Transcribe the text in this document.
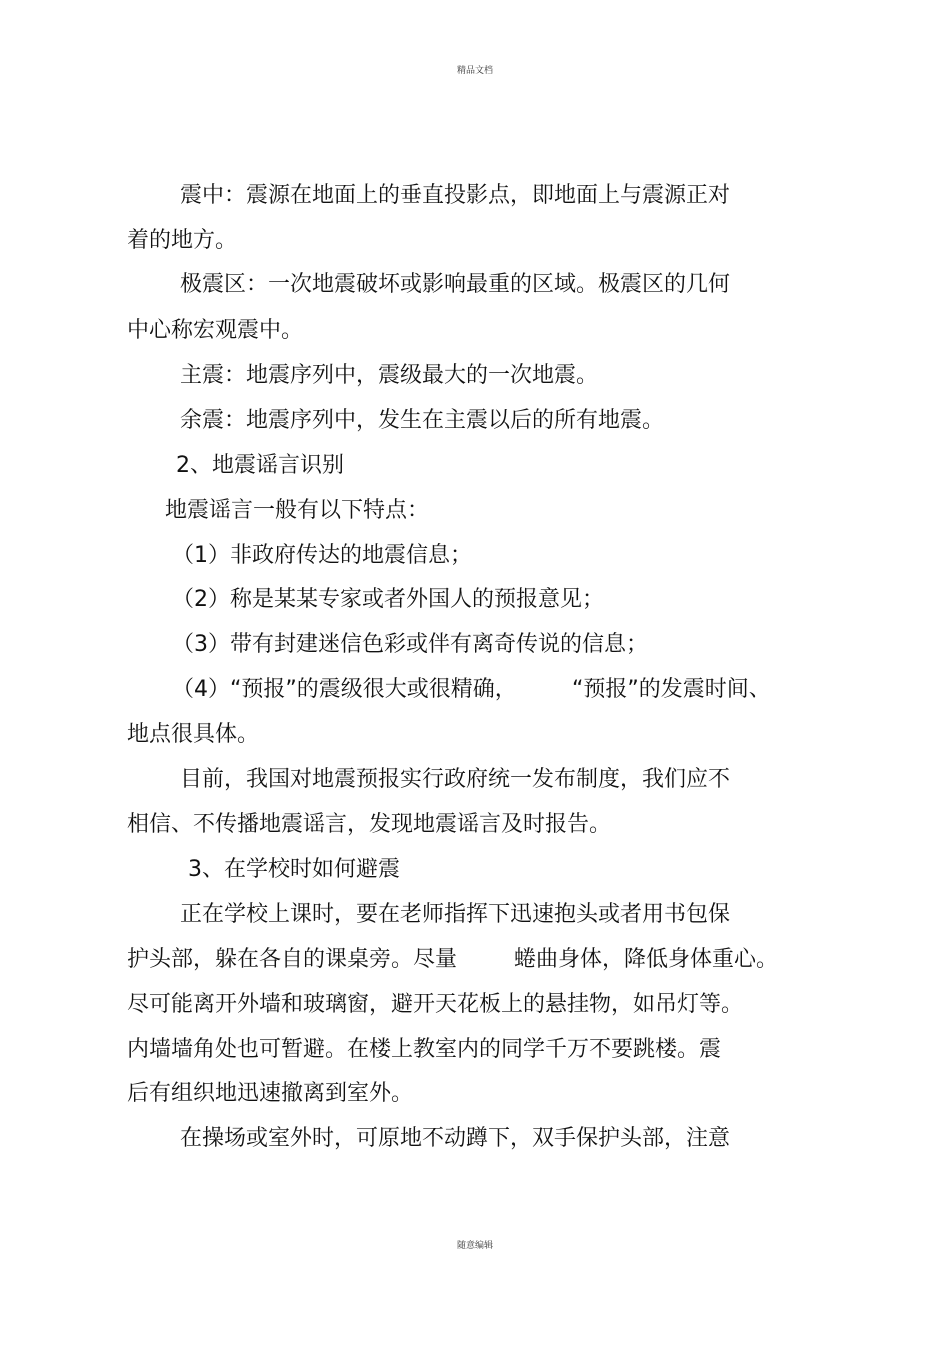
精品文档
震中：震源在地面上的垂直投影点，即地面上与震源正对
着的地方。
极震区：一次地震破坏或影响最重的区域。极震区的几何
中心称宏观震中。
主震：地震序列中，震级最大的一次地震。
余震：地震序列中，发生在主震以后的所有地震。
2、地震谣言识别
地震谣言一般有以下特点：
（1）非政府传达的地震信息；
（2）称是某某专家或者外国人的预报意见；
（3）带有封建迷信色彩或伴有离奇传说的信息；
（4）“预报”的震级很大或很精确，	“预报”的发震时间、
地点很具体。
目前，我国对地震预报实行政府统一发布制度，我们应不
相信、不传播地震谣言，发现地震谣言及时报告。
3、在学校时如何避震
正在学校上课时，要在老师指挥下迅速抱头或者用书包保
护头部，躲在各自的课桌旁。尽量	蜷曲身体，降低身体重心。
尽可能离开外墙和玻璃窗，避开天花板上的悬挂物，如吊灯等。
内墙墙角处也可暂避。在楼上教室内的同学千万不要跳楼。震
后有组织地迅速撤离到室外。
在操场或室外时，可原地不动蹲下，双手保护头部，注意
随意编辑
